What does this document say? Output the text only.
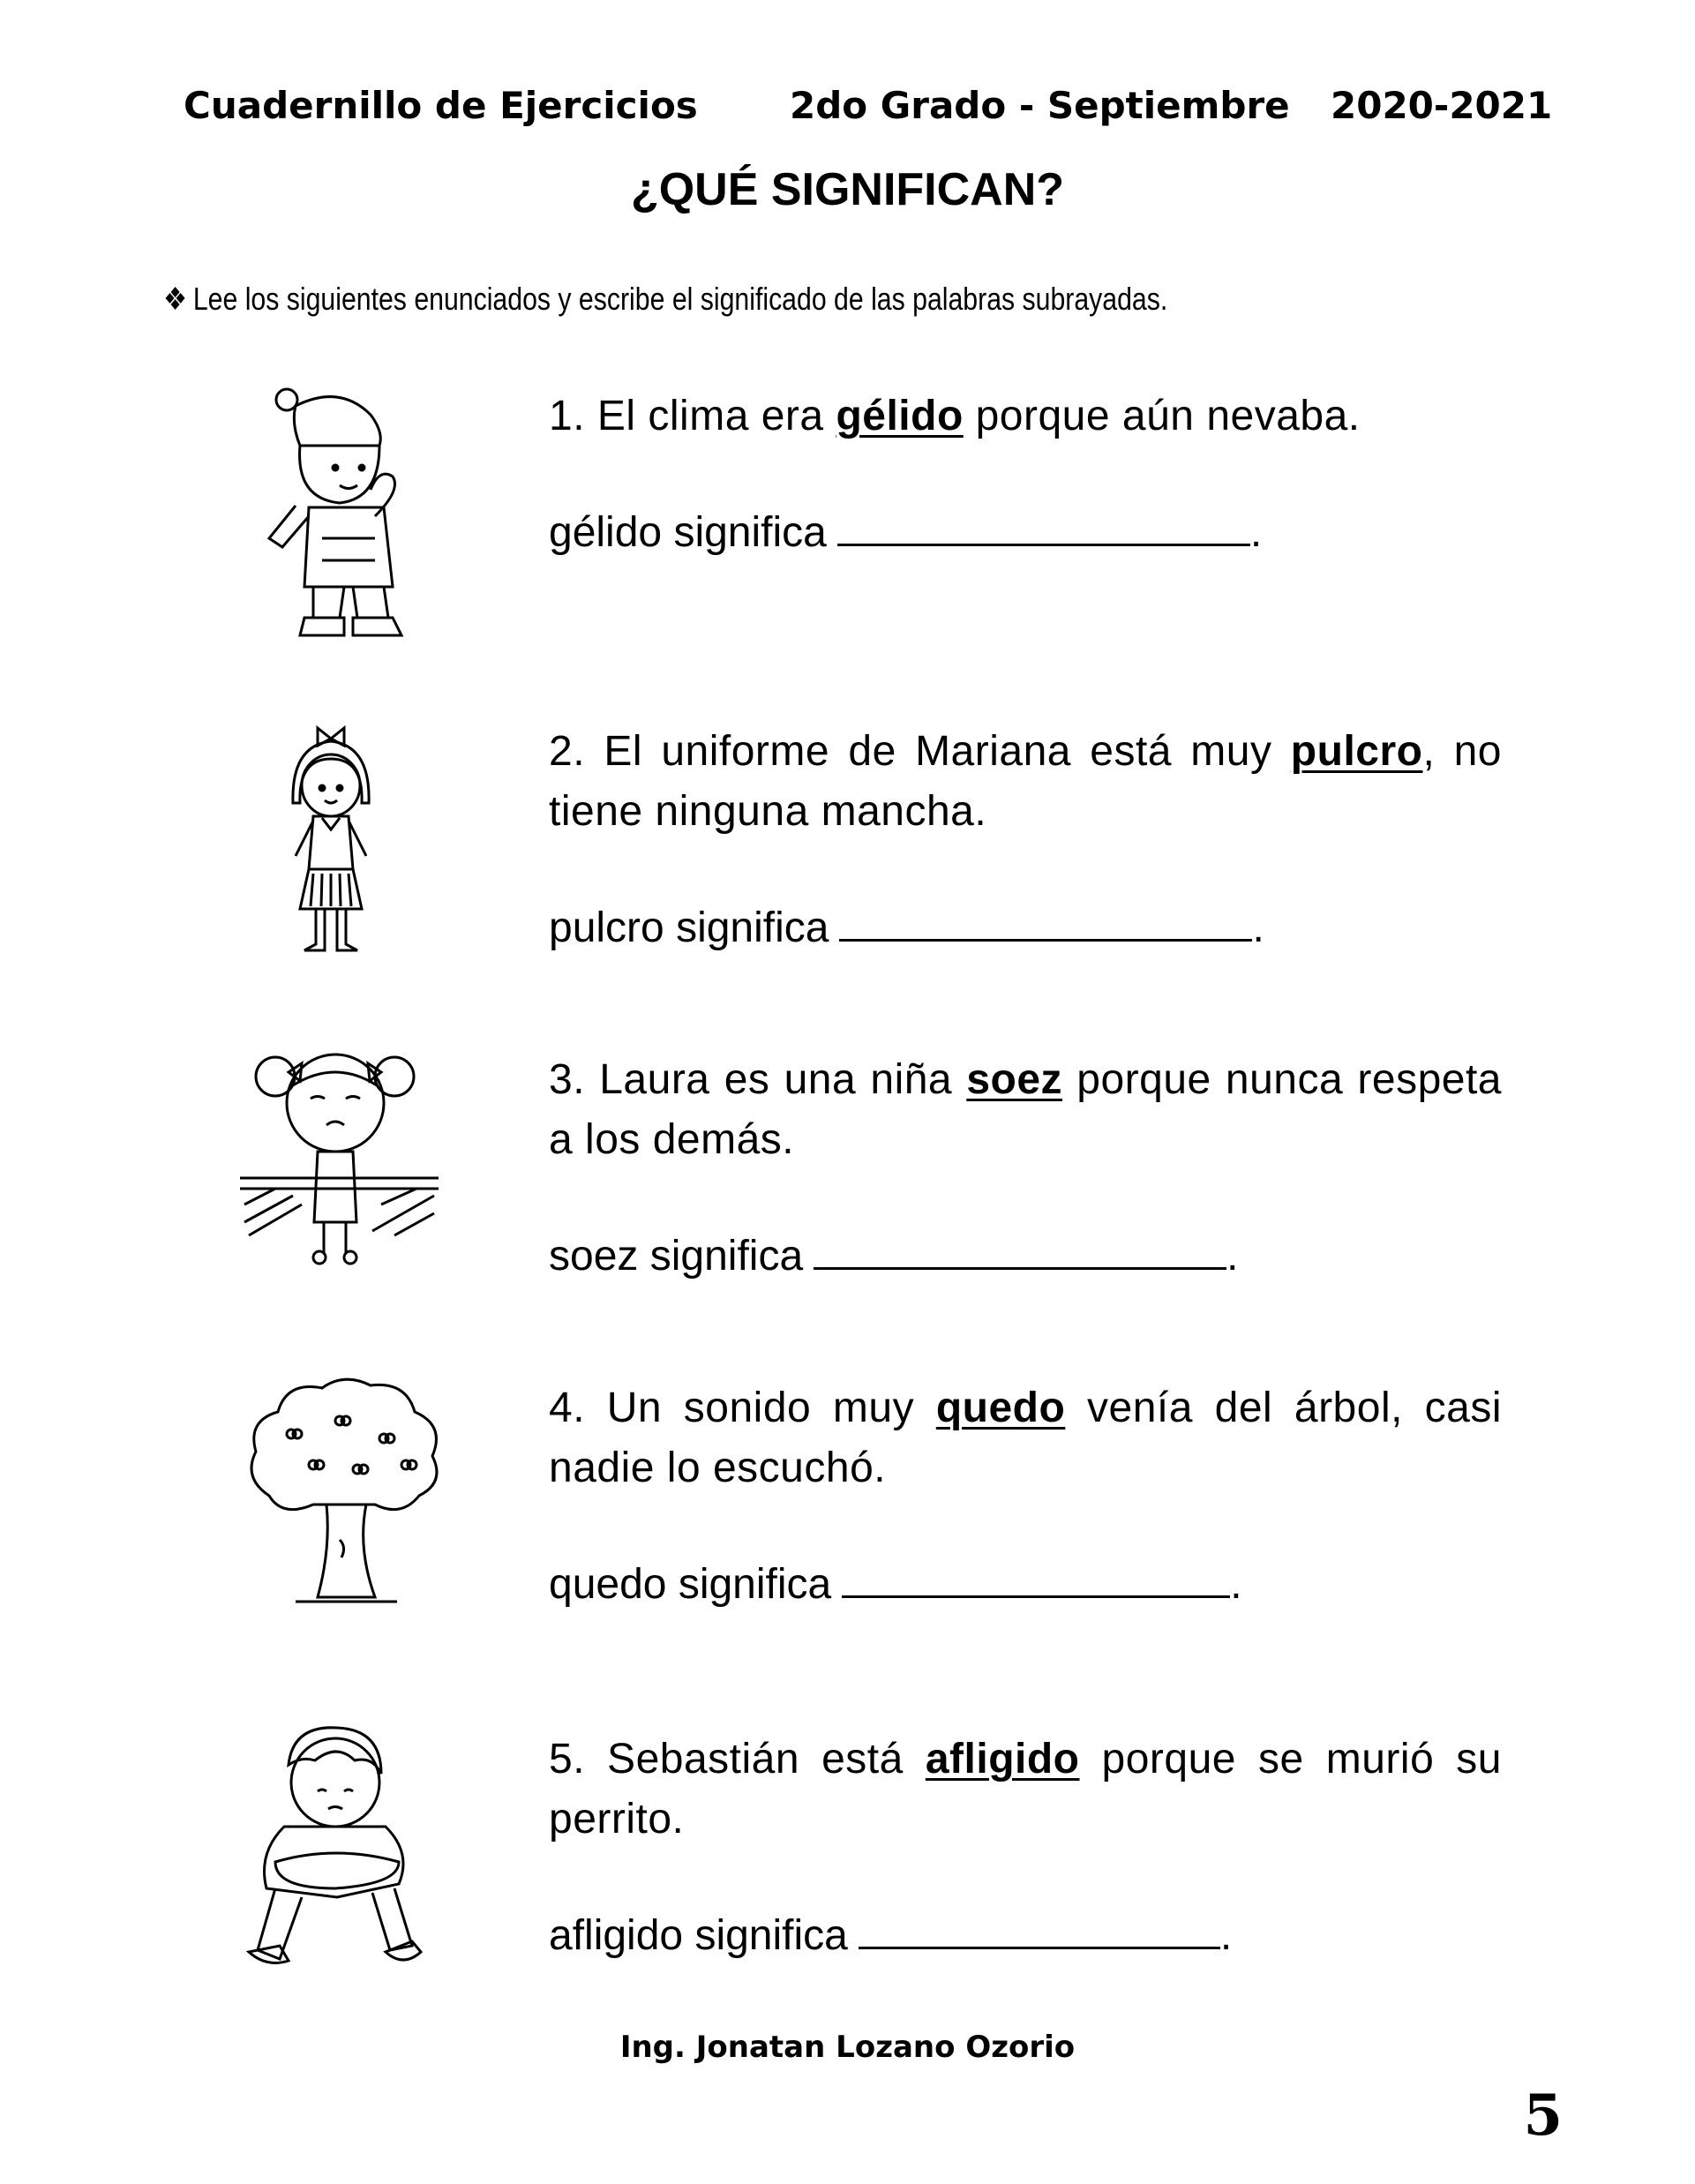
Cuadernillo de Ejercicios 2do Grado - Septiembre 2020-2021
¿QUÉ SIGNIFICAN?
❖ Lee los siguientes enunciados y escribe el significado de las palabras subrayadas.
1. El clima era gélido porque aún nevaba.
gélido significa	.
2. El uniforme de Mariana está muy pulcro, no tiene ninguna mancha.
pulcro significa	.
3. Laura es una niña soez porque nunca respeta a los demás.
soez significa	.
4. Un sonido muy quedo venía del árbol, casi nadie lo escuchó.
quedo significa	.
5. Sebastián está afligido porque se murió su perrito.
afligido significa	.
Ing. Jonatan Lozano Ozorio
5
